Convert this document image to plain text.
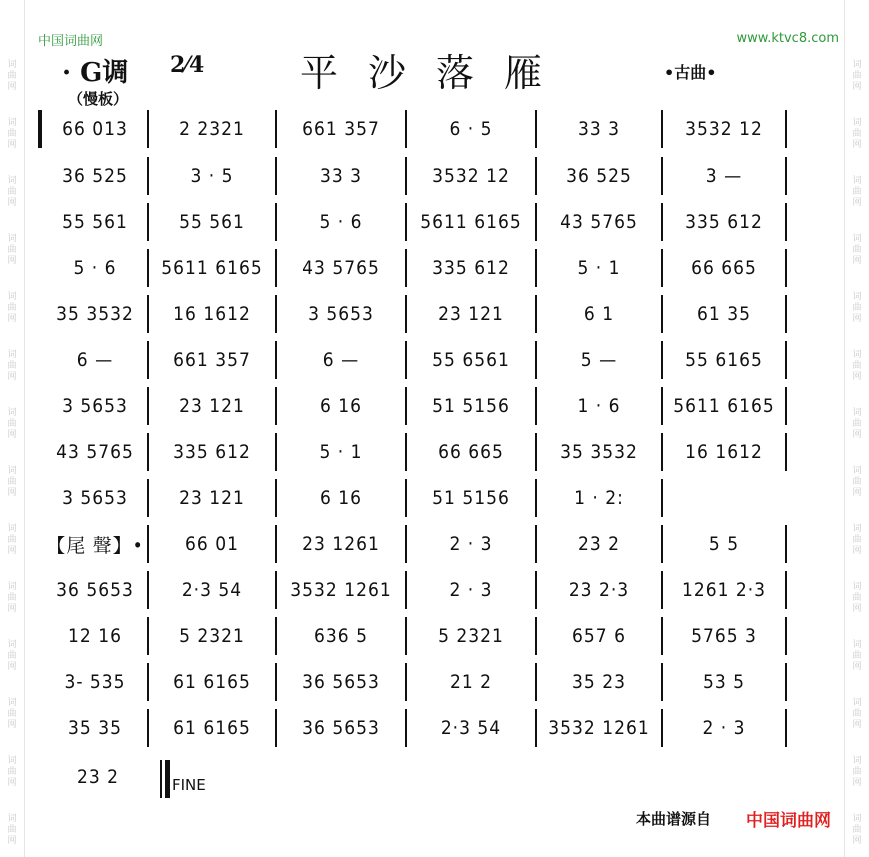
词
曲
网
词
曲
网
词
曲
网
词
曲
网
词
曲
网
词
曲
网
词
曲
网
词
曲
网
词
曲
网
词
曲
网
词
曲
网
词
曲
网
词
曲
网
词
曲
网
词
曲
网
词
曲
网
词
曲
网
词
曲
网
词
曲
网
词
曲
网
词
曲
网
词
曲
网
词
曲
网
词
曲
网
词
曲
网
词
曲
网
词
曲
网
词
曲
网
中国词曲网	www.ktvc8.com
· G调 2⁄4	平沙落雁	•古曲•
（慢板）
66 013	2 2321	661 357	6 · 5	33 3	3532 12
36 525	3 · 5	33 3	3532 12	36 525	3 —
55 561	55 561	5 · 6	5611 6165	43 5765	335 612
5 · 6	5611 6165	43 5765	335 612	5 · 1	66 665
35 3532	16 1612	3 5653	23 121	6 1	61 35
6 —	661 357	6 —	55 6561	5 —	55 6165
3 5653	23 121	6 16	51 5156	1 · 6	5611 6165
43 5765	335 612	5 · 1	66 665	35 3532	16 1612
3 5653	23 121	6 16	51 5156	1 · 2:
【尾 聲】•	66 01	23 1261	2 · 3	23 2	5 5
36 5653	2·3 54	3532 1261	2 · 3	23 2·3	1261 2·3
12 16	5 2321	636 5	5 2321	657 6	5765 3
3- 535	61 6165	36 5653	21 2	35 23	53 5
35 35	61 6165	36 5653	2·3 54	3532 1261	2 · 3
23 2	FINE
本曲谱源自 中国词曲网
